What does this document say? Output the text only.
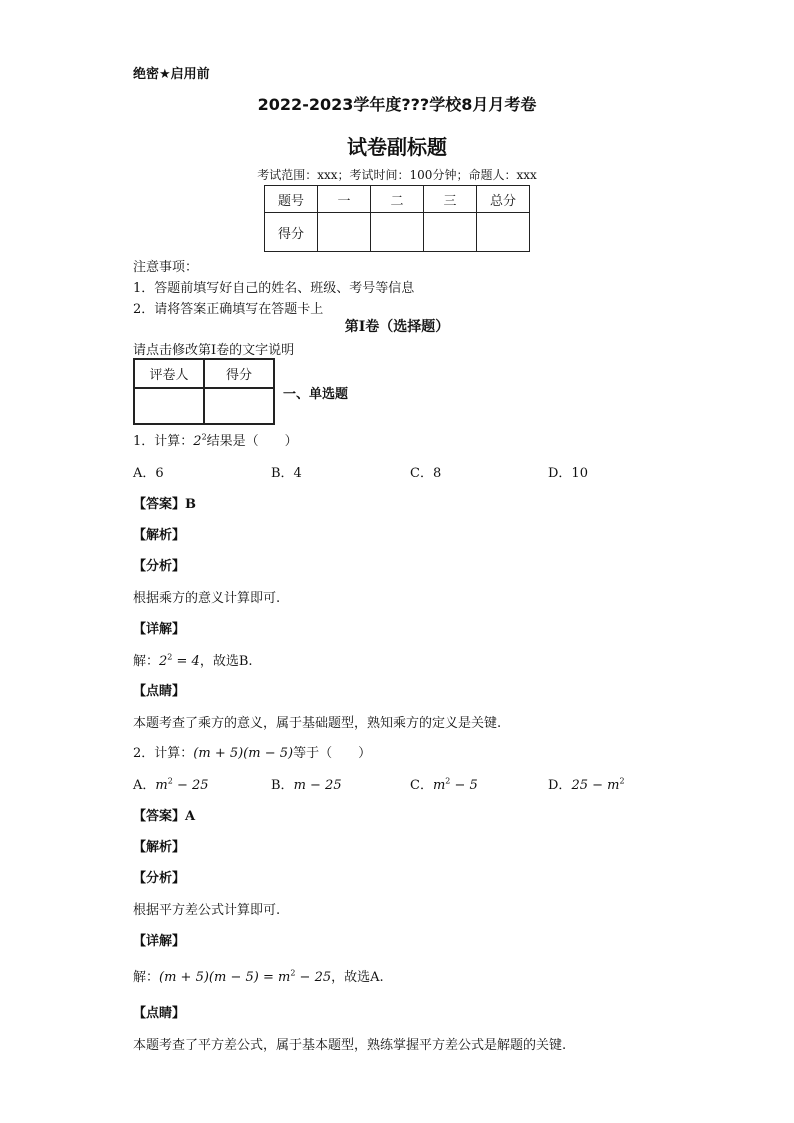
绝密★启用前
2022-2023学年度???学校8月月考卷
试卷副标题
考试范围：xxx；考试时间：100分钟；命题人：xxx
题号	一	二	三	总分
得分				
注意事项：
1．答题前填写好自己的姓名、班级、考号等信息
2．请将答案正确填写在答题卡上
第I卷（选择题）
请点击修改第I卷的文字说明
评卷人	得分

一、单选题
1．计算：$2^2$结果是（　　）
A．6	B．4	C．8	D．10
【答案】B
【解析】
【分析】
根据乘方的意义计算即可.
【详解】
解：$2^2 = 4$，故选B.
【点睛】
本题考查了乘方的意义，属于基础题型，熟知乘方的定义是关键.
2．计算：(m + 5)(m − 5)等于（　　）
A．$m^2 - 25$	B．m − 25	C．$m^2 - 5$	D．$25 - m^2$
【答案】A
【解析】
【分析】
根据平方差公式计算即可.
【详解】
解：$(m + 5)(m - 5) = m^2 - 25$，故选A.
【点睛】
本题考查了平方差公式，属于基本题型，熟练掌握平方差公式是解题的关键.
